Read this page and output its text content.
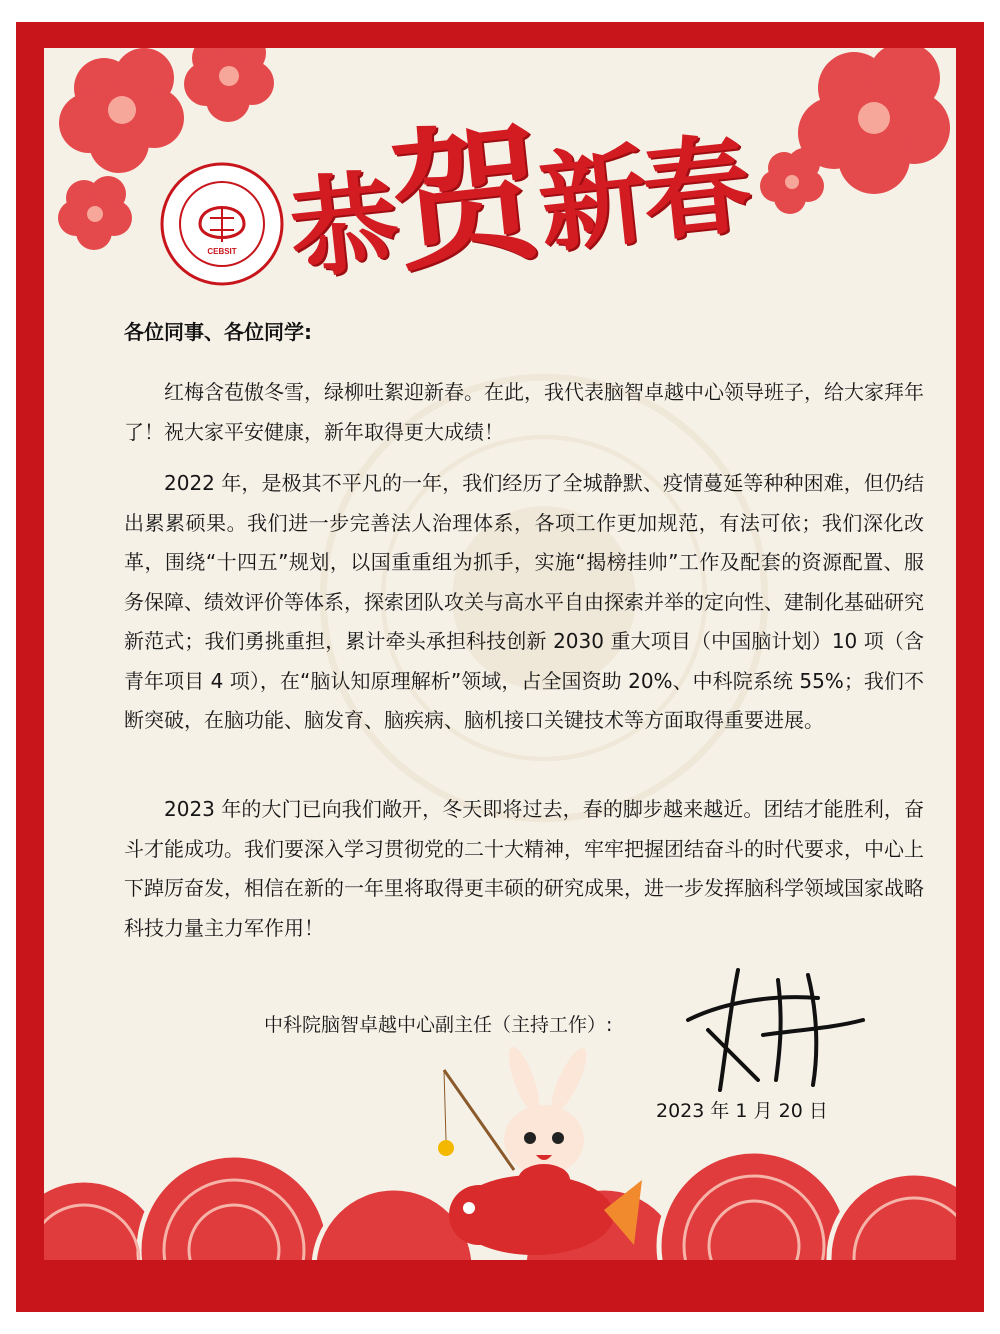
CEBSIT 恭贺新春
各位同事、各位同学:
红梅含苞傲冬雪，绿柳吐絮迎新春。在此，我代表脑智卓越中心领导班子，给大家拜年了！祝大家平安健康，新年取得更大成绩！
2022 年，是极其不平凡的一年，我们经历了全城静默、疫情蔓延等种种困难，但仍结出累累硕果。我们进一步完善法人治理体系，各项工作更加规范，有法可依；我们深化改革，围绕“十四五”规划，以国重重组为抓手，实施“揭榜挂帅”工作及配套的资源配置、服务保障、绩效评价等体系，探索团队攻关与高水平自由探索并举的定向性、建制化基础研究新范式；我们勇挑重担，累计牵头承担科技创新 2030 重大项目（中国脑计划）10 项（含青年项目 4 项），在“脑认知原理解析”领域，占全国资助 20%、中科院系统 55%；我们不断突破，在脑功能、脑发育、脑疾病、脑机接口关键技术等方面取得重要进展。
2023 年的大门已向我们敞开，冬天即将过去，春的脚步越来越近。团结才能胜利，奋斗才能成功。我们要深入学习贯彻党的二十大精神，牢牢把握团结奋斗的时代要求，中心上下踔厉奋发，相信在新的一年里将取得更丰硕的研究成果，进一步发挥脑科学领域国家战略科技力量主力军作用！
中科院脑智卓越中心副主任（主持工作）:
2023 年 1 月 20 日
